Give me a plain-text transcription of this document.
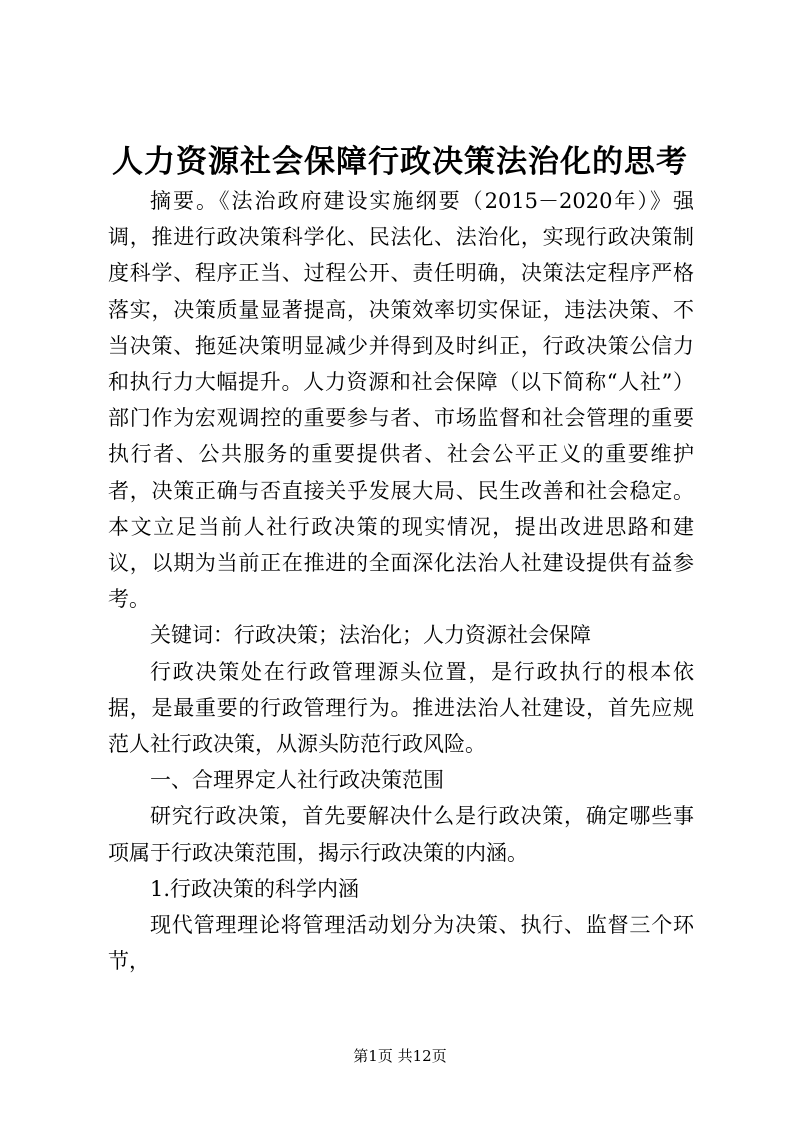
人力资源社会保障行政决策法治化的思考

摘要。《法治政府建设实施纲要（2015－2020年）》强调，推进行政决策科学化、民法化、法治化，实现行政决策制度科学、程序正当、过程公开、责任明确，决策法定程序严格落实，决策质量显著提高，决策效率切实保证，违法决策、不当决策、拖延决策明显减少并得到及时纠正，行政决策公信力和执行力大幅提升。人力资源和社会保障（以下简称“人社”）部门作为宏观调控的重要参与者、市场监督和社会管理的重要执行者、公共服务的重要提供者、社会公平正义的重要维护者，决策正确与否直接关乎发展大局、民生改善和社会稳定。本文立足当前人社行政决策的现实情况，提出改进思路和建议，以期为当前正在推进的全面深化法治人社建设提供有益参考。

关键词：行政决策；法治化；人力资源社会保障

行政决策处在行政管理源头位置，是行政执行的根本依据，是最重要的行政管理行为。推进法治人社建设，首先应规范人社行政决策，从源头防范行政风险。

一、合理界定人社行政决策范围

研究行政决策，首先要解决什么是行政决策，确定哪些事项属于行政决策范围，揭示行政决策的内涵。

1.行政决策的科学内涵

现代管理理论将管理活动划分为决策、执行、监督三个环节，

第1页 共12页
